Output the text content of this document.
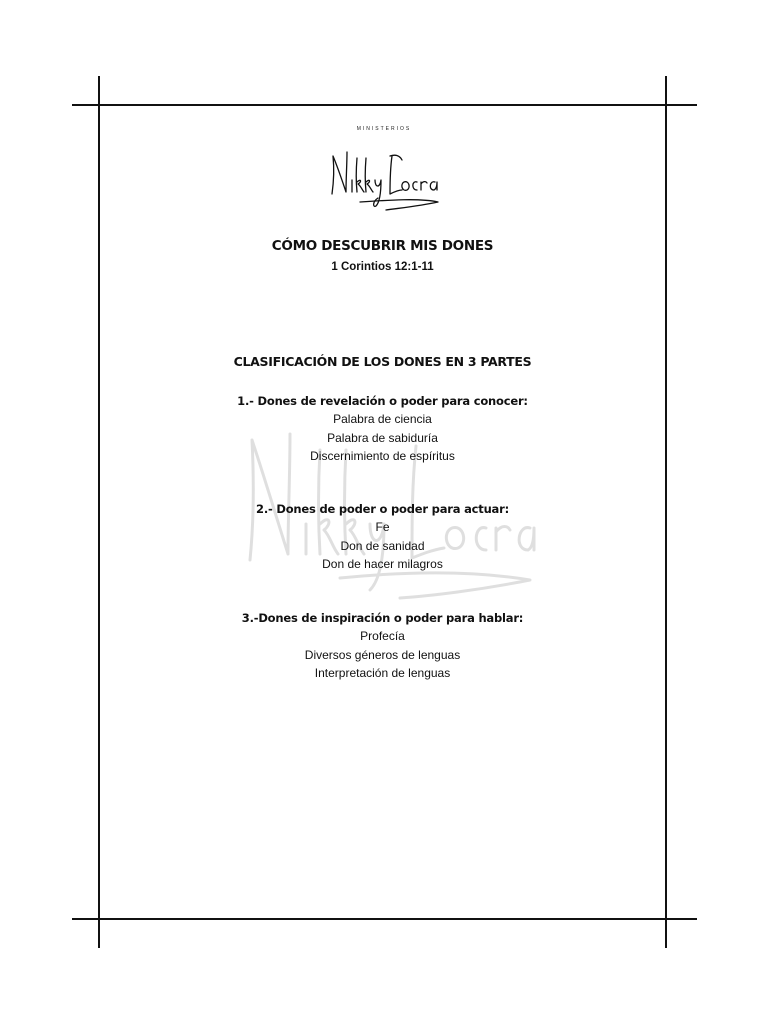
MINISTERIOS
CÓMO DESCUBRIR MIS DONES
1 Corintios 12:1-11
CLASIFICACIÓN DE LOS DONES EN 3 PARTES
1.- Dones de revelación o poder para conocer:
Palabra de ciencia
Palabra de sabiduría
Discernimiento de espíritus
2.- Dones de poder o poder para actuar:
Fe
Don de sanidad
Don de hacer milagros
3.-Dones de inspiración o poder para hablar:
Profecía
Diversos géneros de lenguas
Interpretación de lenguas
